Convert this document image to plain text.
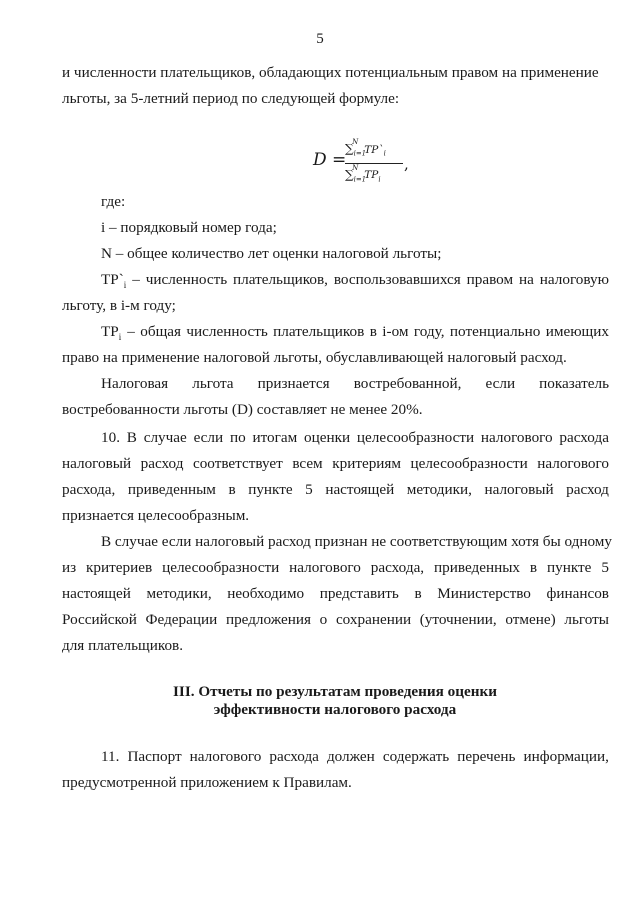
5
и численности плательщиков, обладающих потенциальным правом на применение
льготы, за 5-летний период по следующей формуле:
D =
$\sum_{i=1}^NTP`_i$
$\sum_{i=1}^NTP_i$
,
где:
i – порядковый номер года;
N – общее количество лет оценки налоговой льготы;
$TP`_i$ – численность плательщиков, воспользовавшихся правом на налоговую
льготу, в i-м году;
$TP_i$ – общая численность плательщиков в i-ом году, потенциально имеющих
право на применение налоговой льготы, обуславливающей налоговый расход.
Налоговая льгота признается востребованной, если показатель
востребованности льготы (D) составляет не менее 20%.
10. В случае если по итогам оценки целесообразности налогового расхода
налоговый расход соответствует всем критериям целесообразности налогового
расхода, приведенным в пункте 5 настоящей методики, налоговый расход
признается целесообразным.
В случае если налоговый расход признан не соответствующим хотя бы одному
из критериев целесообразности налогового расхода, приведенных в пункте 5
настоящей методики, необходимо представить в Министерство финансов
Российской Федерации предложения о сохранении (уточнении, отмене) льготы
для плательщиков.
III. Отчеты по результатам проведения оценки
эффективности налогового расхода
11. Паспорт налогового расхода должен содержать перечень информации,
предусмотренной приложением к Правилам.
